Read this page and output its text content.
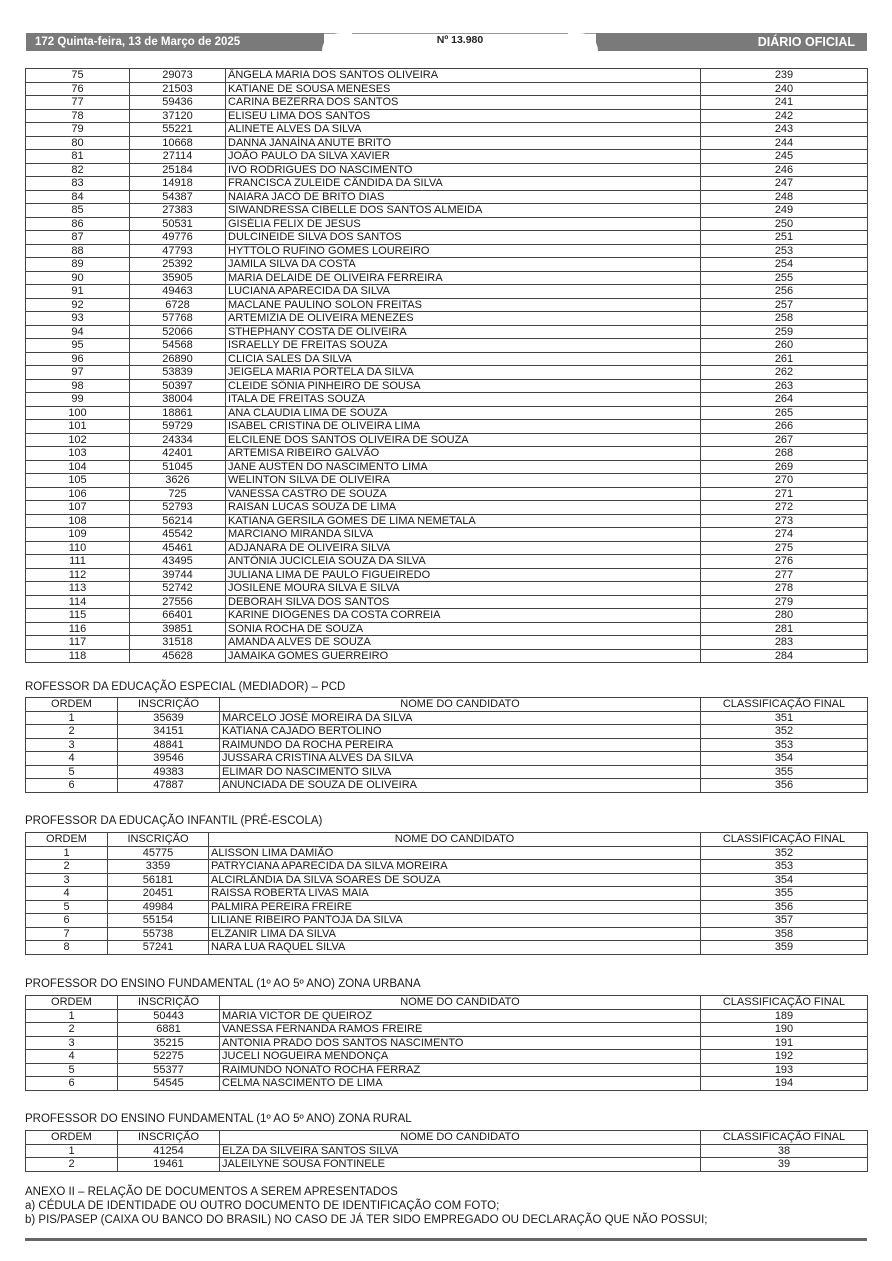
172 Quinta-feira, 13 de Março de 2025	Nº 13.980	DIÁRIO OFICIAL
75	29073	ÂNGELA MARIA DOS SANTOS OLIVEIRA	239
76	21503	KATIANE DE SOUSA MENESES	240
77	59436	CARINA BEZERRA DOS SANTOS	241
78	37120	ELISEU LIMA DOS SANTOS	242
79	55221	ALINETE ALVES DA SILVA	243
80	10668	DANNA JANAÍNA ANUTE BRITO	244
81	27114	JOÃO PAULO DA SILVA XAVIER	245
82	25184	IVO RODRIGUES DO NASCIMENTO	246
83	14918	FRANCISCA ZULEIDE CÂNDIDA DA SILVA	247
84	54387	NAIARA JACÓ DE BRITO DIAS	248
85	27383	SIWANDRESSA CIBELLE DOS SANTOS ALMEIDA	249
86	50531	GISÉLIA FELIX DE JESUS	250
87	49776	DULCINEIDE SILVA DOS SANTOS	251
88	47793	HYTTOLO RUFINO GOMES LOUREIRO	253
89	25392	JAMILA SILVA DA COSTA	254
90	35905	MARIA DELAIDE DE OLIVEIRA FERREIRA	255
91	49463	LUCIANA APARECIDA DA SILVA	256
92	6728	MACLANE PAULINO SOLON FREITAS	257
93	57768	ARTEMIZIA DE OLIVEIRA MENEZES	258
94	52066	STHEPHANY COSTA DE OLIVEIRA	259
95	54568	ISRAELLY DE FREITAS SOUZA	260
96	26890	CLICIA SALES DA SILVA	261
97	53839	JEIGELA MARIA PORTELA DA SILVA	262
98	50397	CLEIDE SÔNIA PINHEIRO DE SOUSA	263
99	38004	ITALA DE FREITAS SOUZA	264
100	18861	ANA CLAUDIA LIMA DE SOUZA	265
101	59729	ISABEL CRISTINA DE OLIVEIRA LIMA	266
102	24334	ELCILENE DOS SANTOS OLIVEIRA DE SOUZA	267
103	42401	ARTEMISA RIBEIRO GALVÃO	268
104	51045	JANE AUSTEN DO NASCIMENTO LIMA	269
105	3626	WELINTON SILVA DE OLIVEIRA	270
106	725	VANESSA CASTRO DE SOUZA	271
107	52793	RAISAN LUCAS SOUZA DE LIMA	272
108	56214	KATIANA GERSILA GOMES DE LIMA NEMETALA	273
109	45542	MARCIANO MIRANDA SILVA	274
110	45461	ADJANARA DE OLIVEIRA SILVA	275
111	43495	ANTÔNIA JUCICLEIA SOUZA DA SILVA	276
112	39744	JULIANA LIMA DE PAULO FIGUEIREDO	277
113	52742	JOSILENE MOURA SILVA E SILVA	278
114	27556	DEBORAH SILVA DOS SANTOS	279
115	66401	KARINE DIÓGENES DA COSTA CORREIA	280
116	39851	SONIA ROCHA DE SOUZA	281
117	31518	AMANDA ALVES DE SOUZA	283
118	45628	JAMAIKA GOMES GUERREIRO	284
ROFESSOR DA EDUCAÇÃO ESPECIAL (MEDIADOR) – PCD
ORDEM	INSCRIÇÃO	NOME DO CANDIDATO	CLASSIFICAÇÃO FINAL
1	35639	MARCELO JOSÉ MOREIRA DA SILVA	351
2	34151	KATIANA CAJADO BERTOLINO	352
3	48841	RAIMUNDO DA ROCHA PEREIRA	353
4	39546	JUSSARA CRISTINA ALVES DA SILVA	354
5	49383	ELIMAR DO NASCIMENTO SILVA	355
6	47887	ANUNCIADA DE SOUZA DE OLIVEIRA	356
PROFESSOR DA EDUCAÇÃO INFANTIL (PRÉ-ESCOLA)
ORDEM	INSCRIÇÃO	NOME DO CANDIDATO	CLASSIFICAÇÃO FINAL
1	45775	ALISSON LIMA DAMIÃO	352
2	3359	PATRYCIANA APARECIDA DA SILVA MOREIRA	353
3	56181	ALCIRLÂNDIA DA SILVA SOARES DE SOUZA	354
4	20451	RAISSA ROBERTA LIVAS MAIA	355
5	49984	PALMIRA PEREIRA FREIRE	356
6	55154	LILIANE RIBEIRO PANTOJA DA SILVA	357
7	55738	ELZANIR LIMA DA SILVA	358
8	57241	NARA LUA RAQUEL SILVA	359
PROFESSOR DO ENSINO FUNDAMENTAL (1º AO 5º ANO) ZONA URBANA
ORDEM	INSCRIÇÃO	NOME DO CANDIDATO	CLASSIFICAÇÃO FINAL
1	50443	MARIA VICTOR DE QUEIROZ	189
2	6881	VANESSA FERNANDA RAMOS FREIRE	190
3	35215	ANTONIA PRADO DOS SANTOS NASCIMENTO	191
4	52275	JUCELI NOGUEIRA MENDONÇA	192
5	55377	RAIMUNDO NONATO ROCHA FERRAZ	193
6	54545	CELMA NASCIMENTO DE LIMA	194
PROFESSOR DO ENSINO FUNDAMENTAL (1º AO 5º ANO) ZONA RURAL
ORDEM	INSCRIÇÃO	NOME DO CANDIDATO	CLASSIFICAÇÃO FINAL
1	41254	ELZA DA SILVEIRA SANTOS SILVA	38
2	19461	JALEILYNE SOUSA FONTINELE	39
ANEXO II – RELAÇÃO DE DOCUMENTOS A SEREM APRESENTADOS
a) CÉDULA DE IDENTIDADE OU OUTRO DOCUMENTO DE IDENTIFICAÇÃO COM FOTO;
b) PIS/PASEP (CAIXA OU BANCO DO BRASIL) NO CASO DE JÁ TER SIDO EMPREGADO OU DECLARAÇÃO QUE NÃO POSSUI;
